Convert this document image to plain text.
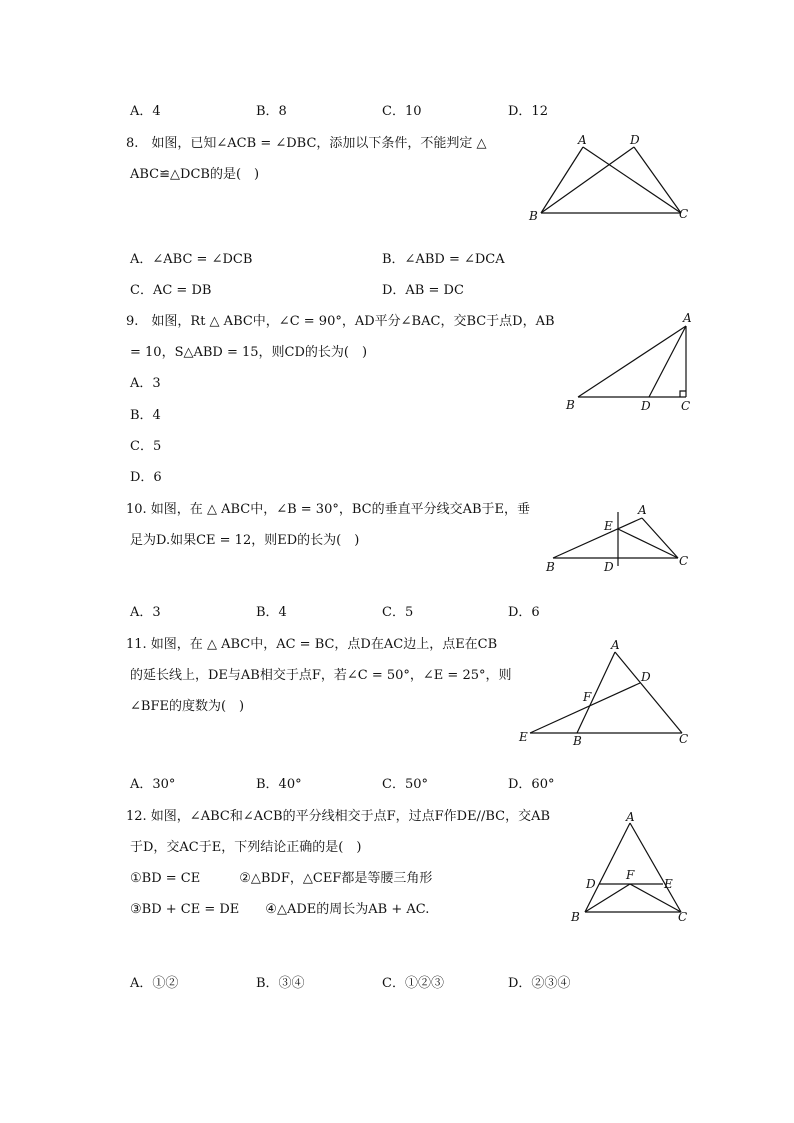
A．4	B．8	C．10	D．12
8.　如图，已知∠ACB = ∠DBC，添加以下条件，不能判定 △
ABC≌△DCB的是(　)
A	D
B	C
A．∠ABC = ∠DCB	B．∠ABD = ∠DCA
C．AC = DB	D．AB = DC
9.　如图，Rt △ ABC中，∠C = 90°，AD平分∠BAC，交BC于点D，AB
= 10，S△ABD = 15，则CD的长为(　)
A．3
B．4
C．5
D．6
A
B	D	C
10. 如图，在 △ ABC中，∠B = 30°，BC的垂直平分线交AB于E，垂
足为D.如果CE = 12，则ED的长为(　)
A
E
B	D	C
A．3	B．4	C．5	D．6
11. 如图，在 △ ABC中，AC = BC，点D在AC边上，点E在CB
的延长线上，DE与AB相交于点F，若∠C = 50°，∠E = 25°，则
∠BFE的度数为(　)
A
D
F
E	B	C
A．30°	B．40°	C．50°	D．60°
12. 如图，∠ABC和∠ACB的平分线相交于点F，过点F作DE//BC，交AB
于D，交AC于E，下列结论正确的是(　)
①BD = CE　　　②△BDF，△CEF都是等腰三角形
③BD + CE = DE　　④△ADE的周长为AB + AC.
A
D
F
E
B	C
A．①②	B．③④	C．①②③	D．②③④
